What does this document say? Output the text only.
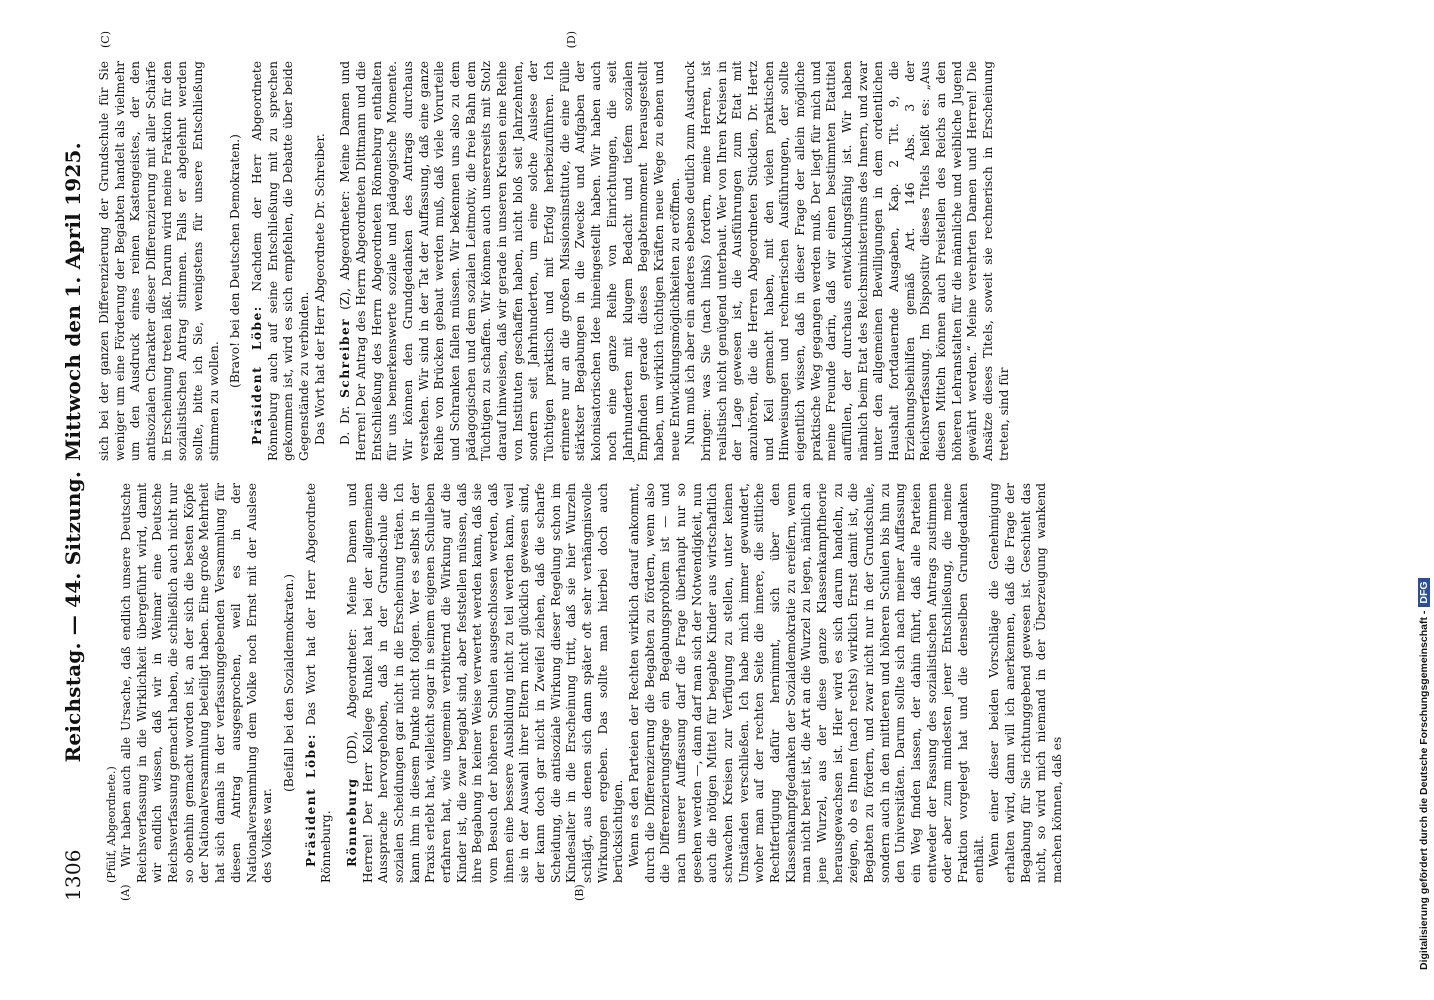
1306
Reichstag. — 44. Sitzung.
Mittwoch den 1. April 1925.
(A)	(B)

(Pfülf, Abgeordnete.) Wir haben auch alle Ursache, daß endlich unsere Deutsche Reichsverfassung in die Wirklichkeit übergeführt wird, damit wir endlich wissen, daß wir in Weimar eine Deutsche Reichsverfassung gemacht haben, die schließlich auch nicht nur so obenhin gemacht worden ist, an der sich die besten Köpfe der Nationalversammlung beteiligt haben. Eine große Mehrheit hat sich damals in der verfassunggebenden Versammlung für diesen Antrag ausgesprochen, weil es in der Nationalversammlung dem Volke noch Ernst mit der Auslese des Volkes war.

(Beifall bei den Sozialdemokraten.)

Präsident Löbe: Das Wort hat der Herr Abgeordnete Rönneburg. Rönneburg (DD), Abgeordneter: Meine Damen und Herren! Der Herr Kollege Runkel hat bei der allgemeinen Aussprache hervorgehoben, daß in der Grundschule die sozialen Scheidungen gar nicht in die Erscheinung träten. Ich kann ihm in diesem Punkte nicht folgen. Wer es selbst in der Praxis erlebt hat, vielleicht sogar in seinem eigenen Schulleben erfahren hat, wie ungemein verbitternd die Wirkung auf die Kinder ist, die zwar begabt sind, aber feststellen müssen, daß ihre Begabung in keiner Weise verwertet werden kann, daß sie vom Besuch der höheren Schulen ausgeschlossen werden, daß ihnen eine bessere Ausbildung nicht zu teil werden kann, weil sie in der Auswahl ihrer Eltern nicht glücklich gewesen sind, der kann doch gar nicht in Zweifel ziehen, daß die scharfe Scheidung, die antisoziale Wirkung dieser Regelung schon im Kindesalter in die Erscheinung tritt, daß sie hier Wurzeln schlägt, aus denen sich dann später oft sehr verhängnisvolle Wirkungen ergeben. Das sollte man hierbei doch auch berücksichtigen. Wenn es den Parteien der Rechten wirklich darauf ankommt, durch die Differenzierung die Begabten zu fördern, wenn also die Differenzierungsfrage ein Begabungsproblem ist — und nach unserer Auffassung darf die Frage überhaupt nur so gesehen werden —, dann darf man sich der Notwendigkeit, nun auch die nötigen Mittel für begabte Kinder aus wirtschaftlich schwachen Kreisen zur Verfügung zu stellen, unter keinen Umständen verschließen. Ich habe mich immer gewundert, woher man auf der rechten Seite die innere, die sittliche Rechtfertigung dafür hernimmt, sich über den Klassenkampfgedanken der Sozialdemokratie zu ereifern, wenn man nicht bereit ist, die Art an die Wurzel zu legen, nämlich an jene Wurzel, aus der diese ganze Klassenkampftheorie herausgewachsen ist. Hier wird es sich darum handeln, zu zeigen, ob es Ihnen (nach rechts) wirklich Ernst damit ist, die Begabten zu fördern, und zwar nicht nur in der Grundschule, sondern auch in den mittleren und höheren Schulen bis hin zu den Universitäten. Darum sollte sich nach meiner Auffassung ein Weg finden lassen, der dahin führt, daß alle Parteien entweder der Fassung des sozialistischen Antrags zustimmen oder aber zum mindesten jener Entschließung, die meine Fraktion vorgelegt hat und die denselben Grundgedanken enthält. Wenn einer dieser beiden Vorschläge die Genehmigung erhalten wird, dann will ich anerkennen, daß die Frage der Begabung für Sie richtunggebend gewesen ist. Geschieht das nicht, so wird mich niemand in der Überzeugung wankend machen können, daß es

(C)	(D)

sich bei der ganzen Differenzierung der Grundschule für Sie weniger um eine Förderung der Begabten handelt als vielmehr um den Ausdruck eines reinen Kastengeistes, der den antisozialen Charakter dieser Differenzierung mit aller Schärfe in Erscheinung treten läßt. Darum wird meine Fraktion für den sozialistischen Antrag stimmen. Falls er abgelehnt werden sollte, bitte ich Sie, wenigstens für unsere Entschließung stimmen zu wollen.

(Bravo! bei den Deutschen Demokraten.) Präsident Löbe: Nachdem der Herr Abgeordnete Rönneburg auch auf seine Entschließung mit zu sprechen gekommen ist, wird es sich empfehlen, die Debatte über beide Gegenstände zu verbinden. Das Wort hat der Herr Abgeordnete Dr. Schreiber. D. Dr. Schreiber (Z), Abgeordneter: Meine Damen und Herren! Der Antrag des Herrn Abgeordneten Dittmann und die Entschließung des Herrn Abgeordneten Rönneburg enthalten für uns bemerkenswerte soziale und pädagogische Momente. Wir können den Grundgedanken des Antrags durchaus verstehen. Wir sind in der Tat der Auffassung, daß eine ganze Reihe von Brücken gebaut werden muß, daß viele Vorurteile und Schranken fallen müssen. Wir bekennen uns also zu dem pädagogischen und dem sozialen Leitmotiv, die freie Bahn dem Tüchtigen zu schaffen. Wir können auch unsererseits mit Stolz darauf hinweisen, daß wir gerade in unseren Kreisen eine Reihe von Instituten geschaffen haben, nicht bloß seit Jahrzehnten, sondern seit Jahrhunderten, um eine solche Auslese der Tüchtigen praktisch und mit Erfolg herbeizuführen. Ich erinnere nur an die großen Missionsinstitute, die eine Fülle stärkster Begabungen in die Zwecke und Aufgaben der kolonisatorischen Idee hineingestellt haben. Wir haben auch noch eine ganze Reihe von Einrichtungen, die seit Jahrhunderten mit klugem Bedacht und tiefem sozialen Empfinden gerade dieses Begabtenmoment herausgestellt haben, um wirklich tüchtigen Kräften neue Wege zu ebnen und neue Entwicklungsmöglichkeiten zu eröffnen. Nun muß ich aber ein anderes ebenso deutlich zum Ausdruck bringen: was Sie (nach links) fordern, meine Herren, ist realistisch nicht genügend unterbaut. Wer von Ihren Kreisen in der Lage gewesen ist, die Ausführungen zum Etat mit anzuhören, die die Herren Abgeordneten Stücklen, Dr. Hertz und Keil gemacht haben, mit den vielen praktischen Hinweisungen und rechnerischen Ausführungen, der sollte eigentlich wissen, daß in dieser Frage der allein mögliche praktische Weg gegangen werden muß. Der liegt für mich und meine Freunde darin, daß wir einen bestimmten Etattitel auffüllen, der durchaus entwicklungsfähig ist. Wir haben nämlich beim Etat des Reichsministeriums des Innern, und zwar unter den allgemeinen Bewilligungen in dem ordentlichen Haushalt fortdauernde Ausgaben, Kap. 2 Tit. 9, die Erziehungsbeihilfen gemäß Art. 146 Abs. 3 der Reichsverfassung. Im Dispositiv dieses Titels heißt es: „Aus diesen Mitteln können auch Freistellen des Reichs an den höheren Lehranstalten für die männliche und weibliche Jugend gewährt werden.“ Meine verehrten Damen und Herren! Die Ansätze dieses Titels, soweit sie rechnerisch in Erscheinung treten, sind für

Digitalisierung gefördert durch die Deutsche Forschungsgemeinschaft -DFG
